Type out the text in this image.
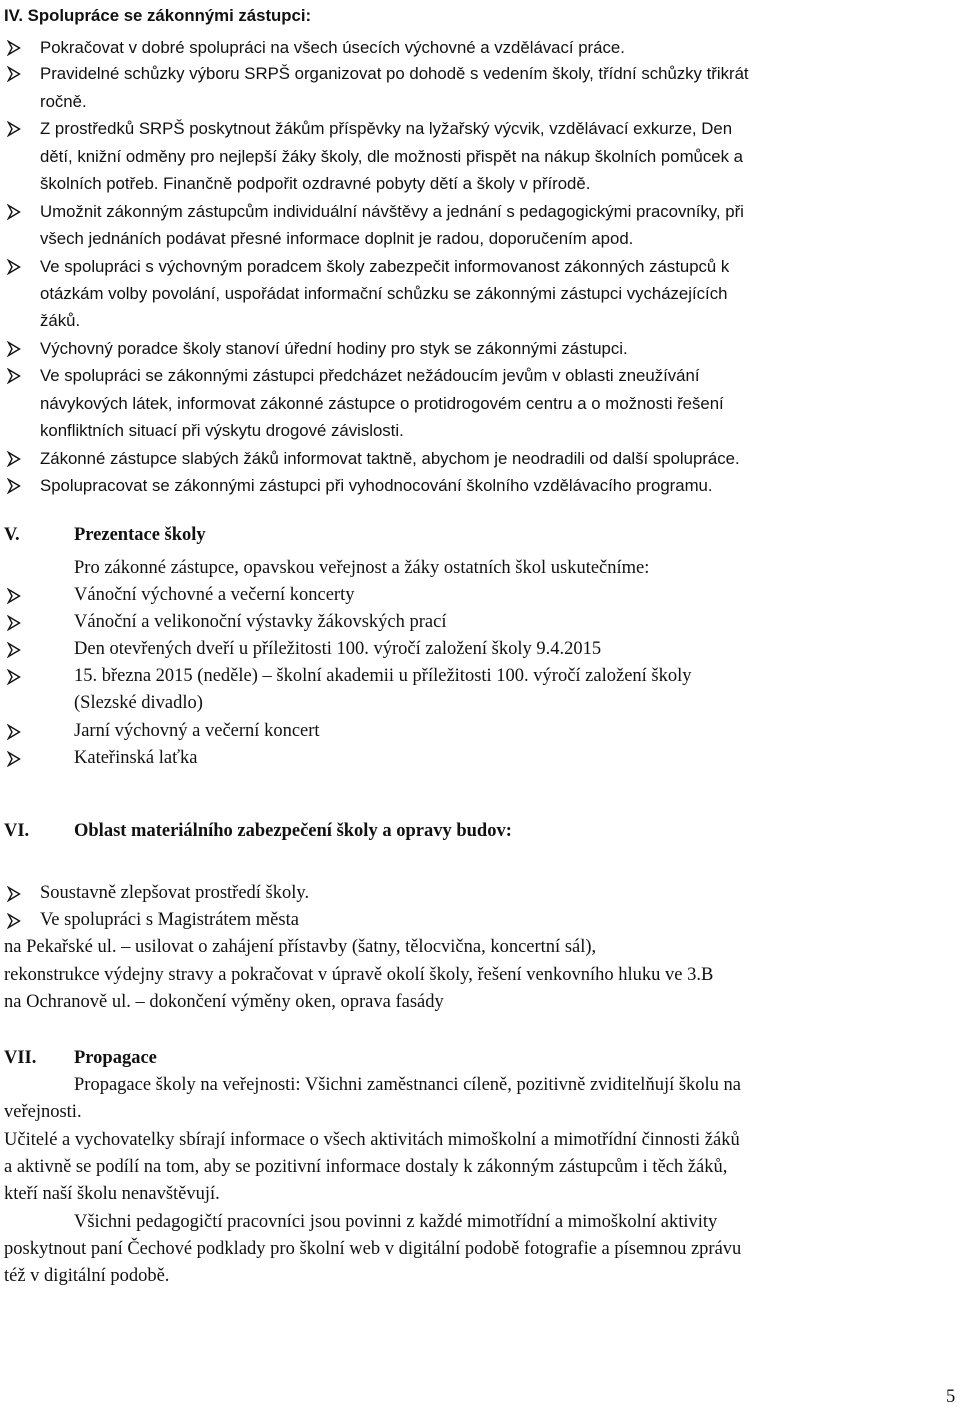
IV. Spolupráce se zákonnými zástupci:
Pokračovat v dobré spolupráci na všech úsecích výchovné a vzdělávací práce.
Pravidelné schůzky výboru SRPŠ organizovat po dohodě s vedením školy, třídní schůzky třikrát
ročně.
Z prostředků SRPŠ poskytnout žákům příspěvky na lyžařský výcvik, vzdělávací exkurze, Den
dětí, knižní odměny pro nejlepší žáky školy, dle možnosti přispět na nákup školních pomůcek a
školních potřeb. Finančně podpořit ozdravné pobyty dětí a školy v přírodě.
Umožnit zákonným zástupcům individuální návštěvy a jednání s pedagogickými pracovníky, při
všech jednáních podávat přesné informace doplnit je radou, doporučením apod.
Ve spolupráci s výchovným poradcem školy zabezpečit informovanost zákonných zástupců k
otázkám volby povolání, uspořádat informační schůzku se zákonnými zástupci vycházejících
žáků.
Výchovný poradce školy stanoví úřední hodiny pro styk se zákonnými zástupci.
Ve spolupráci se zákonnými zástupci předcházet nežádoucím jevům v oblasti zneužívání
návykových látek, informovat zákonné zástupce o protidrogovém centru a o možnosti řešení
konfliktních situací při výskytu drogové závislosti.
Zákonné zástupce slabých žáků informovat taktně, abychom je neodradili od další spolupráce.
Spolupracovat se zákonnými zástupci při vyhodnocování školního vzdělávacího programu.
V.	Prezentace školy
Pro zákonné zástupce, opavskou veřejnost a žáky ostatních škol uskutečníme:
Vánoční výchovné a večerní koncerty
Vánoční a velikonoční výstavky žákovských prací
Den otevřených dveří u příležitosti 100. výročí založení školy 9.4.2015
15. března 2015 (neděle) – školní akademii u příležitosti 100. výročí založení školy
(Slezské divadlo)
Jarní výchovný a večerní koncert
Kateřinská laťka
VI. Oblast materiálního zabezpečení školy a opravy budov:
Soustavně zlepšovat prostředí školy.
Ve spolupráci s Magistrátem města
na Pekařské ul. – usilovat o zahájení přístavby (šatny, tělocvična, koncertní sál),
rekonstrukce výdejny stravy a pokračovat v úpravě okolí školy, řešení venkovního hluku ve 3.B
na Ochranově ul. – dokončení výměny oken, oprava fasády
VII. Propagace
Propagace školy na veřejnosti: Všichni zaměstnanci cíleně, pozitivně zviditelňují školu na
veřejnosti.
Učitelé a vychovatelky sbírají informace o všech aktivitách mimoškolní a mimotřídní činnosti žáků
a aktivně se podílí na tom, aby se pozitivní informace dostaly k zákonným zástupcům i těch žáků,
kteří naší školu nenavštěvují.
Všichni pedagogičtí pracovníci jsou povinni z každé mimotřídní a mimoškolní aktivity
poskytnout paní Čechové podklady pro školní web v digitální podobě fotografie a písemnou zprávu
též v digitální podobě.
5
